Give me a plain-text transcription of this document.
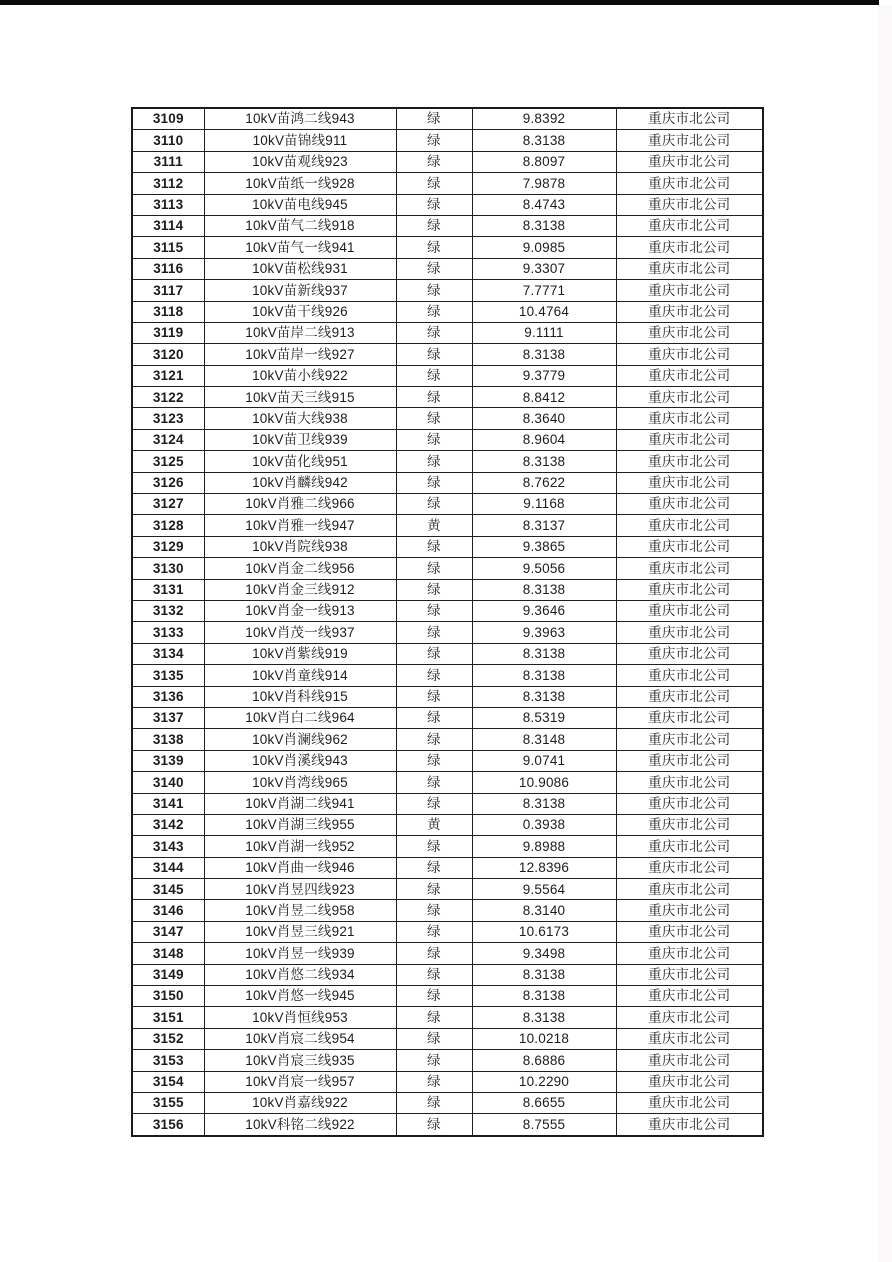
3109	10kV苗鸿二线943	绿	9.8392	重庆市北公司
3110	10kV苗锦线911	绿	8.3138	重庆市北公司
3111	10kV苗观线923	绿	8.8097	重庆市北公司
3112	10kV苗纸一线928	绿	7.9878	重庆市北公司
3113	10kV苗电线945	绿	8.4743	重庆市北公司
3114	10kV苗气二线918	绿	8.3138	重庆市北公司
3115	10kV苗气一线941	绿	9.0985	重庆市北公司
3116	10kV苗松线931	绿	9.3307	重庆市北公司
3117	10kV苗新线937	绿	7.7771	重庆市北公司
3118	10kV苗干线926	绿	10.4764	重庆市北公司
3119	10kV苗岸二线913	绿	9.1111	重庆市北公司
3120	10kV苗岸一线927	绿	8.3138	重庆市北公司
3121	10kV苗小线922	绿	9.3779	重庆市北公司
3122	10kV苗天三线915	绿	8.8412	重庆市北公司
3123	10kV苗大线938	绿	8.3640	重庆市北公司
3124	10kV苗卫线939	绿	8.9604	重庆市北公司
3125	10kV苗化线951	绿	8.3138	重庆市北公司
3126	10kV肖麟线942	绿	8.7622	重庆市北公司
3127	10kV肖雅二线966	绿	9.1168	重庆市北公司
3128	10kV肖雅一线947	黄	8.3137	重庆市北公司
3129	10kV肖院线938	绿	9.3865	重庆市北公司
3130	10kV肖金二线956	绿	9.5056	重庆市北公司
3131	10kV肖金三线912	绿	8.3138	重庆市北公司
3132	10kV肖金一线913	绿	9.3646	重庆市北公司
3133	10kV肖茂一线937	绿	9.3963	重庆市北公司
3134	10kV肖紫线919	绿	8.3138	重庆市北公司
3135	10kV肖童线914	绿	8.3138	重庆市北公司
3136	10kV肖科线915	绿	8.3138	重庆市北公司
3137	10kV肖白二线964	绿	8.5319	重庆市北公司
3138	10kV肖澜线962	绿	8.3148	重庆市北公司
3139	10kV肖溪线943	绿	9.0741	重庆市北公司
3140	10kV肖湾线965	绿	10.9086	重庆市北公司
3141	10kV肖湖二线941	绿	8.3138	重庆市北公司
3142	10kV肖湖三线955	黄	0.3938	重庆市北公司
3143	10kV肖湖一线952	绿	9.8988	重庆市北公司
3144	10kV肖曲一线946	绿	12.8396	重庆市北公司
3145	10kV肖昱四线923	绿	9.5564	重庆市北公司
3146	10kV肖昱二线958	绿	8.3140	重庆市北公司
3147	10kV肖昱三线921	绿	10.6173	重庆市北公司
3148	10kV肖昱一线939	绿	9.3498	重庆市北公司
3149	10kV肖悠二线934	绿	8.3138	重庆市北公司
3150	10kV肖悠一线945	绿	8.3138	重庆市北公司
3151	10kV肖恒线953	绿	8.3138	重庆市北公司
3152	10kV肖宸二线954	绿	10.0218	重庆市北公司
3153	10kV肖宸三线935	绿	8.6886	重庆市北公司
3154	10kV肖宸一线957	绿	10.2290	重庆市北公司
3155	10kV肖嘉线922	绿	8.6655	重庆市北公司
3156	10kV科铭二线922	绿	8.7555	重庆市北公司
